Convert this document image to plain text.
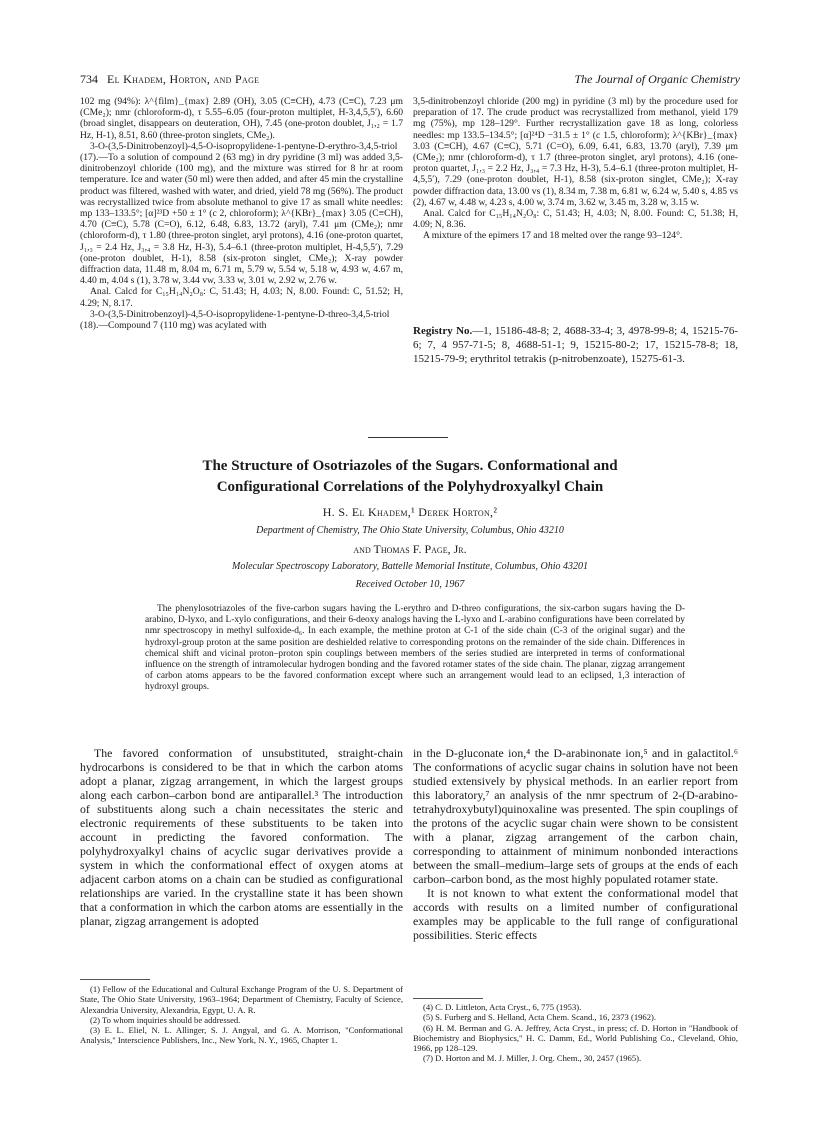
734 El Khadem, Horton, and Page	The Journal of Organic Chemistry

102 mg (94%): λ^{film}_{max} 2.89 (OH), 3.05 (C≡CH), 4.73 (C≡C), 7.23 μm (CMe₂); nmr (chloroform-d), τ 5.55–6.05 (four-proton multiplet, H-3,4,5,5′), 6.60 (broad singlet, disappears on deuteration, OH), 7.45 (one-proton doublet, J₁,₂ = 1.7 Hz, H-1), 8.51, 8.60 (three-proton singlets, CMe₂).

3-O-(3,5-Dinitrobenzoyl)-4,5-O-isopropylidene-1-pentyne-D-erythro-3,4,5-triol (17).—To a solution of compound 2 (63 mg) in dry pyridine (3 ml) was added 3,5-dinitrobenzoyl chloride (100 mg), and the mixture was stirred for 8 hr at room temperature. Ice and water (50 ml) were then added, and after 45 min the crystalline product was filtered, washed with water, and dried, yield 78 mg (56%). The product was recrystallized twice from absolute methanol to give 17 as small white needles: mp 133–133.5°; [α]²³D +50 ± 1° (c 2, chloroform); λ^{KBr}_{max} 3.05 (C≡CH), 4.70 (C≡C), 5.78 (C=O), 6.12, 6.48, 6.83, 13.72 (aryl), 7.41 μm (CMe₂); nmr (chloroform-d), τ 1.80 (three-proton singlet, aryl protons), 4.16 (one-proton quartet, J₁,₃ = 2.4 Hz, J₃,₄ = 3.8 Hz, H-3), 5.4–6.1 (three-proton multiplet, H-4,5,5′), 7.29 (one-proton doublet, H-1), 8.58 (six-proton singlet, CMe₂); X-ray powder diffraction data, 11.48 m, 8.04 m, 6.71 m, 5.79 w, 5.54 w, 5.18 w, 4.93 w, 4.67 m, 4.40 m, 4.04 s (1), 3.78 w, 3.44 vw, 3.33 w, 3.01 w, 2.92 w, 2.76 w.

Anal. Calcd for C₁₅H₁₄N₂O₈: C, 51.43; H, 4.03; N, 8.00. Found: C, 51.52; H, 4.29; N, 8.17.

3-O-(3,5-Dinitrobenzoyl)-4,5-O-isopropylidene-1-pentyne-D-threo-3,4,5-triol (18).—Compound 7 (110 mg) was acylated with

3,5-dinitrobenzoyl chloride (200 mg) in pyridine (3 ml) by the procedure used for preparation of 17. The crude product was recrystallized from methanol, yield 179 mg (75%), mp 128–129°. Further recrystallization gave 18 as long, colorless needles: mp 133.5–134.5°; [α]²⁴D −31.5 ± 1° (c 1.5, chloroform); λ^{KBr}_{max} 3.03 (C≡CH), 4.67 (C≡C), 5.71 (C=O), 6.09, 6.41, 6.83, 13.70 (aryl), 7.39 μm (CMe₂); nmr (chloroform-d), τ 1.7 (three-proton singlet, aryl protons), 4.16 (one-proton quartet, J₁,₃ = 2.2 Hz, J₃,₄ = 7.3 Hz, H-3), 5.4–6.1 (three-proton multiplet, H-4,5,5′), 7.29 (one-proton doublet, H-1), 8.58 (six-proton singlet, CMe₂); X-ray powder diffraction data, 13.00 vs (1), 8.34 m, 7.38 m, 6.81 w, 6.24 w, 5.40 s, 4.85 vs (2), 4.67 w, 4.48 w, 4.23 s, 4.00 w, 3.74 m, 3.62 w, 3.45 m, 3.28 w, 3.15 w.

Anal. Calcd for C₁₅H₁₄N₂O₈: C, 51.43; H, 4.03; N, 8.00. Found: C, 51.38; H, 4.09; N, 8.36.

A mixture of the epimers 17 and 18 melted over the range 93–124°.

Registry No.—1, 15186-48-8; 2, 4688-33-4; 3, 4978-99-8; 4, 15215-76-6; 7, 4 957-71-5; 8, 4688-51-1; 9, 15215-80-2; 17, 15215-78-8; 18, 15215-79-9; erythritol tetrakis (p-nitrobenzoate), 15275-61-3.
The Structure of Osotriazoles of the Sugars. Conformational and
Configurational Correlations of the Polyhydroxyalkyl Chain
H. S. El Khadem,¹ Derek Horton,²
Department of Chemistry, The Ohio State University, Columbus, Ohio 43210
and Thomas F. Page, Jr.
Molecular Spectroscopy Laboratory, Battelle Memorial Institute, Columbus, Ohio 43201
Received October 10, 1967
The phenylosotriazoles of the five-carbon sugars having the L-erythro and D-threo configurations, the six-carbon sugars having the D-arabino, D-lyxo, and L-xylo configurations, and their 6-deoxy analogs having the L-lyxo and L-arabino configurations have been correlated by nmr spectroscopy in methyl sulfoxide-d₆. In each example, the methine proton at C-1 of the side chain (C-3 of the original sugar) and the hydroxyl-group proton at the same position are deshielded relative to corresponding protons on the remainder of the side chain. Differences in chemical shift and vicinal proton–proton spin couplings between members of the series studied are interpreted in terms of conformational influence on the strength of intramolecular hydrogen bonding and the favored rotamer states of the side chain. The planar, zigzag arrangement of carbon atoms appears to be the favored conformation except where such an arrangement would lead to an eclipsed, 1,3 interaction of hydroxyl groups.

The favored conformation of unsubstituted, straight-chain hydrocarbons is considered to be that in which the carbon atoms adopt a planar, zigzag arrangement, in which the largest groups along each carbon–carbon bond are antiparallel.³ The introduction of substituents along such a chain necessitates the steric and electronic requirements of these substituents to be taken into account in predicting the favored conformation. The polyhydroxyalkyl chains of acyclic sugar derivatives provide a system in which the conformational effect of oxygen atoms at adjacent carbon atoms on a chain can be studied as configurational relationships are varied. In the crystalline state it has been shown that a conformation in which the carbon atoms are essentially in the planar, zigzag arrangement is adopted

in the D-gluconate ion,⁴ the D-arabinonate ion,⁵ and in galactitol.⁶ The conformations of acyclic sugar chains in solution have not been studied extensively by physical methods. In an earlier report from this laboratory,⁷ an analysis of the nmr spectrum of 2-(D-arabino-tetrahydroxybutyl)quinoxaline was presented. The spin couplings of the protons of the acyclic sugar chain were shown to be consistent with a planar, zigzag arrangement of the carbon chain, corresponding to attainment of minimum nonbonded interactions between the small–medium–large sets of groups at the ends of each carbon–carbon bond, as the most highly populated rotamer state.

It is not known to what extent the conformational model that accords with results on a limited number of configurational examples may be applicable to the full range of configurational possibilities. Steric effects

(1) Fellow of the Educational and Cultural Exchange Program of the U. S. Department of State, The Ohio State University, 1963–1964; Department of Chemistry, Faculty of Science, Alexandria University, Alexandria, Egypt, U. A. R.

(2) To whom inquiries should be addressed.

(3) E. L. Eliel, N. L. Allinger, S. J. Angyal, and G. A. Morrison, "Conformational Analysis," Interscience Publishers, Inc., New York, N. Y., 1965, Chapter 1.

(4) C. D. Littleton, Acta Cryst., 6, 775 (1953).

(5) S. Furberg and S. Helland, Acta Chem. Scand., 16, 2373 (1962).

(6) H. M. Berman and G. A. Jeffrey, Acta Cryst., in press; cf. D. Horton in "Handbook of Biochemistry and Biophysics," H. C. Damm, Ed., World Publishing Co., Cleveland, Ohio, 1966, pp 128–129.

(7) D. Horton and M. J. Miller, J. Org. Chem., 30, 2457 (1965).
